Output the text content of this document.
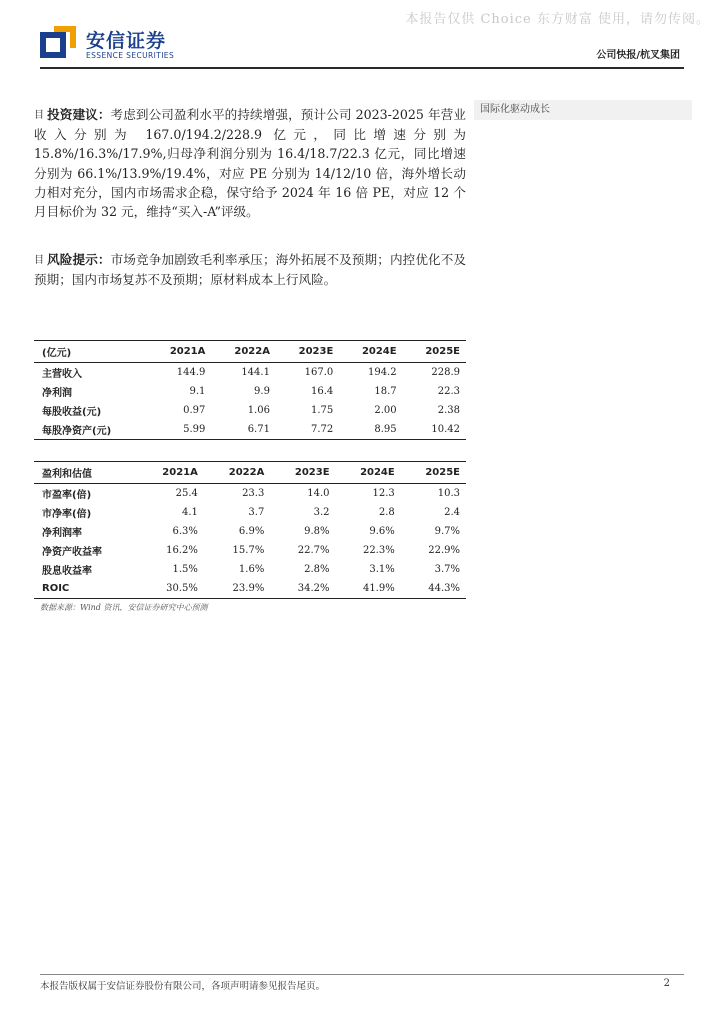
本报告仅供 Choice 东方财富 使用，请勿传阅。
安信证券
ESSENCE SECURITIES	公司快报/杭叉集团
国际化驱动成长
目 投资建议：考虑到公司盈利水平的持续增强，预计公司 2023-2025 年营业收入分别为 167.0/194.2/228.9 亿元，同比增速分别为 15.8%/16.3%/17.9%,归母净利润分别为 16.4/18.7/22.3 亿元，同比增速分别为 66.1%/13.9%/19.4%，对应 PE 分别为 14/12/10 倍，海外增长动力相对充分，国内市场需求企稳，保守给予 2024 年 16 倍 PE，对应 12 个月目标价为 32 元，维持“买入-A”评级。
目 风险提示：市场竞争加剧致毛利率承压；海外拓展不及预期；内控优化不及预期；国内市场复苏不及预期；原材料成本上行风险。
(亿元)	2021A	2022A	2023E	2024E	2025E
主营收入	144.9	144.1	167.0	194.2	228.9
净利润	9.1	9.9	16.4	18.7	22.3
每股收益(元)	0.97	1.06	1.75	2.00	2.38
每股净资产(元)	5.99	6.71	7.72	8.95	10.42
盈利和估值	2021A	2022A	2023E	2024E	2025E
市盈率(倍)	25.4	23.3	14.0	12.3	10.3
市净率(倍)	4.1	3.7	3.2	2.8	2.4
净利润率	6.3%	6.9%	9.8%	9.6%	9.7%
净资产收益率	16.2%	15.7%	22.7%	22.3%	22.9%
股息收益率	1.5%	1.6%	2.8%	3.1%	3.7%
ROIC	30.5%	23.9%	34.2%	41.9%	44.3%
数据来源：Wind 资讯，安信证券研究中心预测
本报告版权属于安信证券股份有限公司，各项声明请参见报告尾页。	2
